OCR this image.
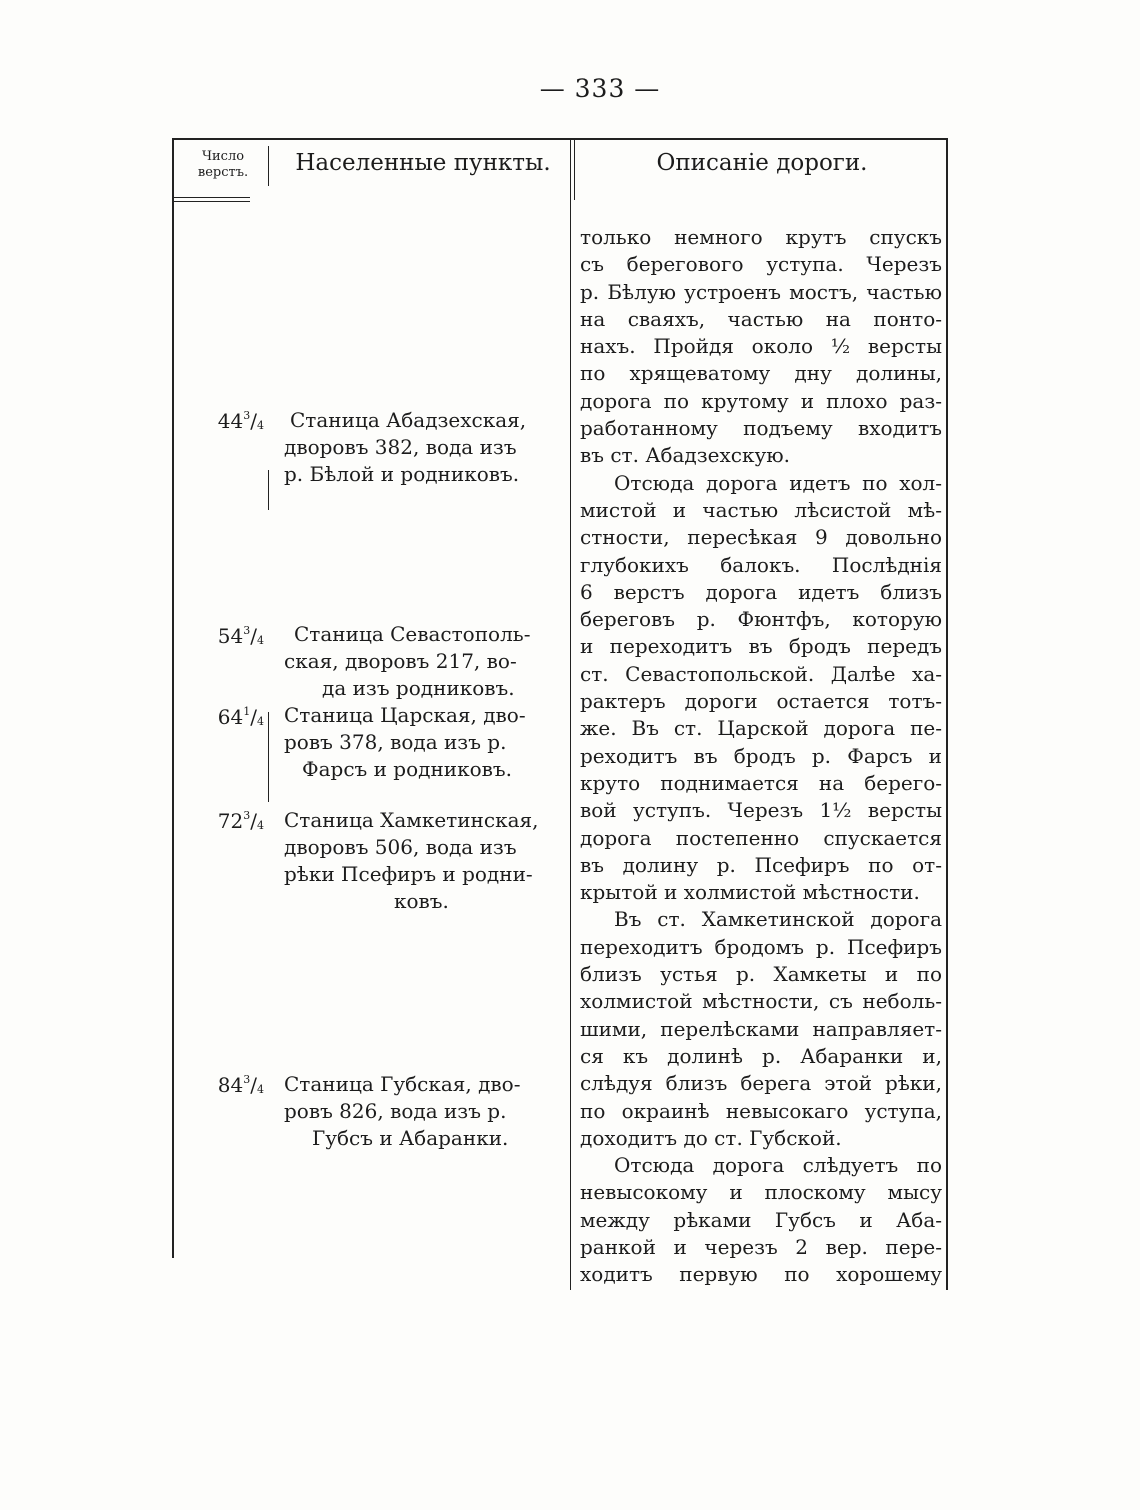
— 333 —
Число
верстъ.	Населенные пункты.	Описаніе дороги.
$44^3/_4$
$54^3/_4$
$64^1/_4$
$72^3/_4$
$84^3/_4$
Станица Абадзехская,
дворовъ 382, вода изъ
р. Бѣлой и родниковъ.
Станица Севастополь-
ская, дворовъ 217, во-
да изъ родниковъ.
Станица Царская, дво-
ровъ 378, вода изъ р.
Фарсъ и родниковъ.
Станица Хамкетинская,
дворовъ 506, вода изъ
рѣки Псефиръ и родни-
ковъ.
Станица Губская, дво-
ровъ 826, вода изъ р.
Губсъ и Абаранки.
только немного крутъ спускъ
съ берегового уступа. Черезъ
р. Бѣлую устроенъ мостъ, частью
на сваяхъ, частью на понто-
нахъ. Пройдя около ½ версты
по хрящеватому дну долины,
дорога по крутому и плохо раз-
работанному подъему входитъ
въ ст. Абадзехскую.
Отсюда дорога идетъ по хол-
мистой и частью лѣсистой мѣ-
стности, пересѣкая 9 довольно
глубокихъ балокъ. Послѣднія
6 верстъ дорога идетъ близъ
береговъ р. Фюнтфъ, которую
и переходитъ въ бродъ передъ
ст. Севастопольской. Далѣе ха-
рактеръ дороги остается тотъ-
же. Въ ст. Царской дорога пе-
реходитъ въ бродъ р. Фарсъ и
круто поднимается на берего-
вой уступъ. Черезъ 1½ версты
дорога постепенно спускается
въ долину р. Псефиръ по от-
крытой и холмистой мѣстности.
Въ ст. Хамкетинской дорога
переходитъ бродомъ р. Псефиръ
близъ устья р. Хамкеты и по
холмистой мѣстности, съ неболь-
шими, перелѣсками направляет-
ся къ долинѣ р. Абаранки и,
слѣдуя близъ берега этой рѣки,
по окраинѣ невысокаго уступа,
доходитъ до ст. Губской.
Отсюда дорога слѣдуетъ по
невысокому и плоскому мысу
между рѣками Губсъ и Аба-
ранкой и черезъ 2 вер. пере-
ходитъ первую по хорошему
